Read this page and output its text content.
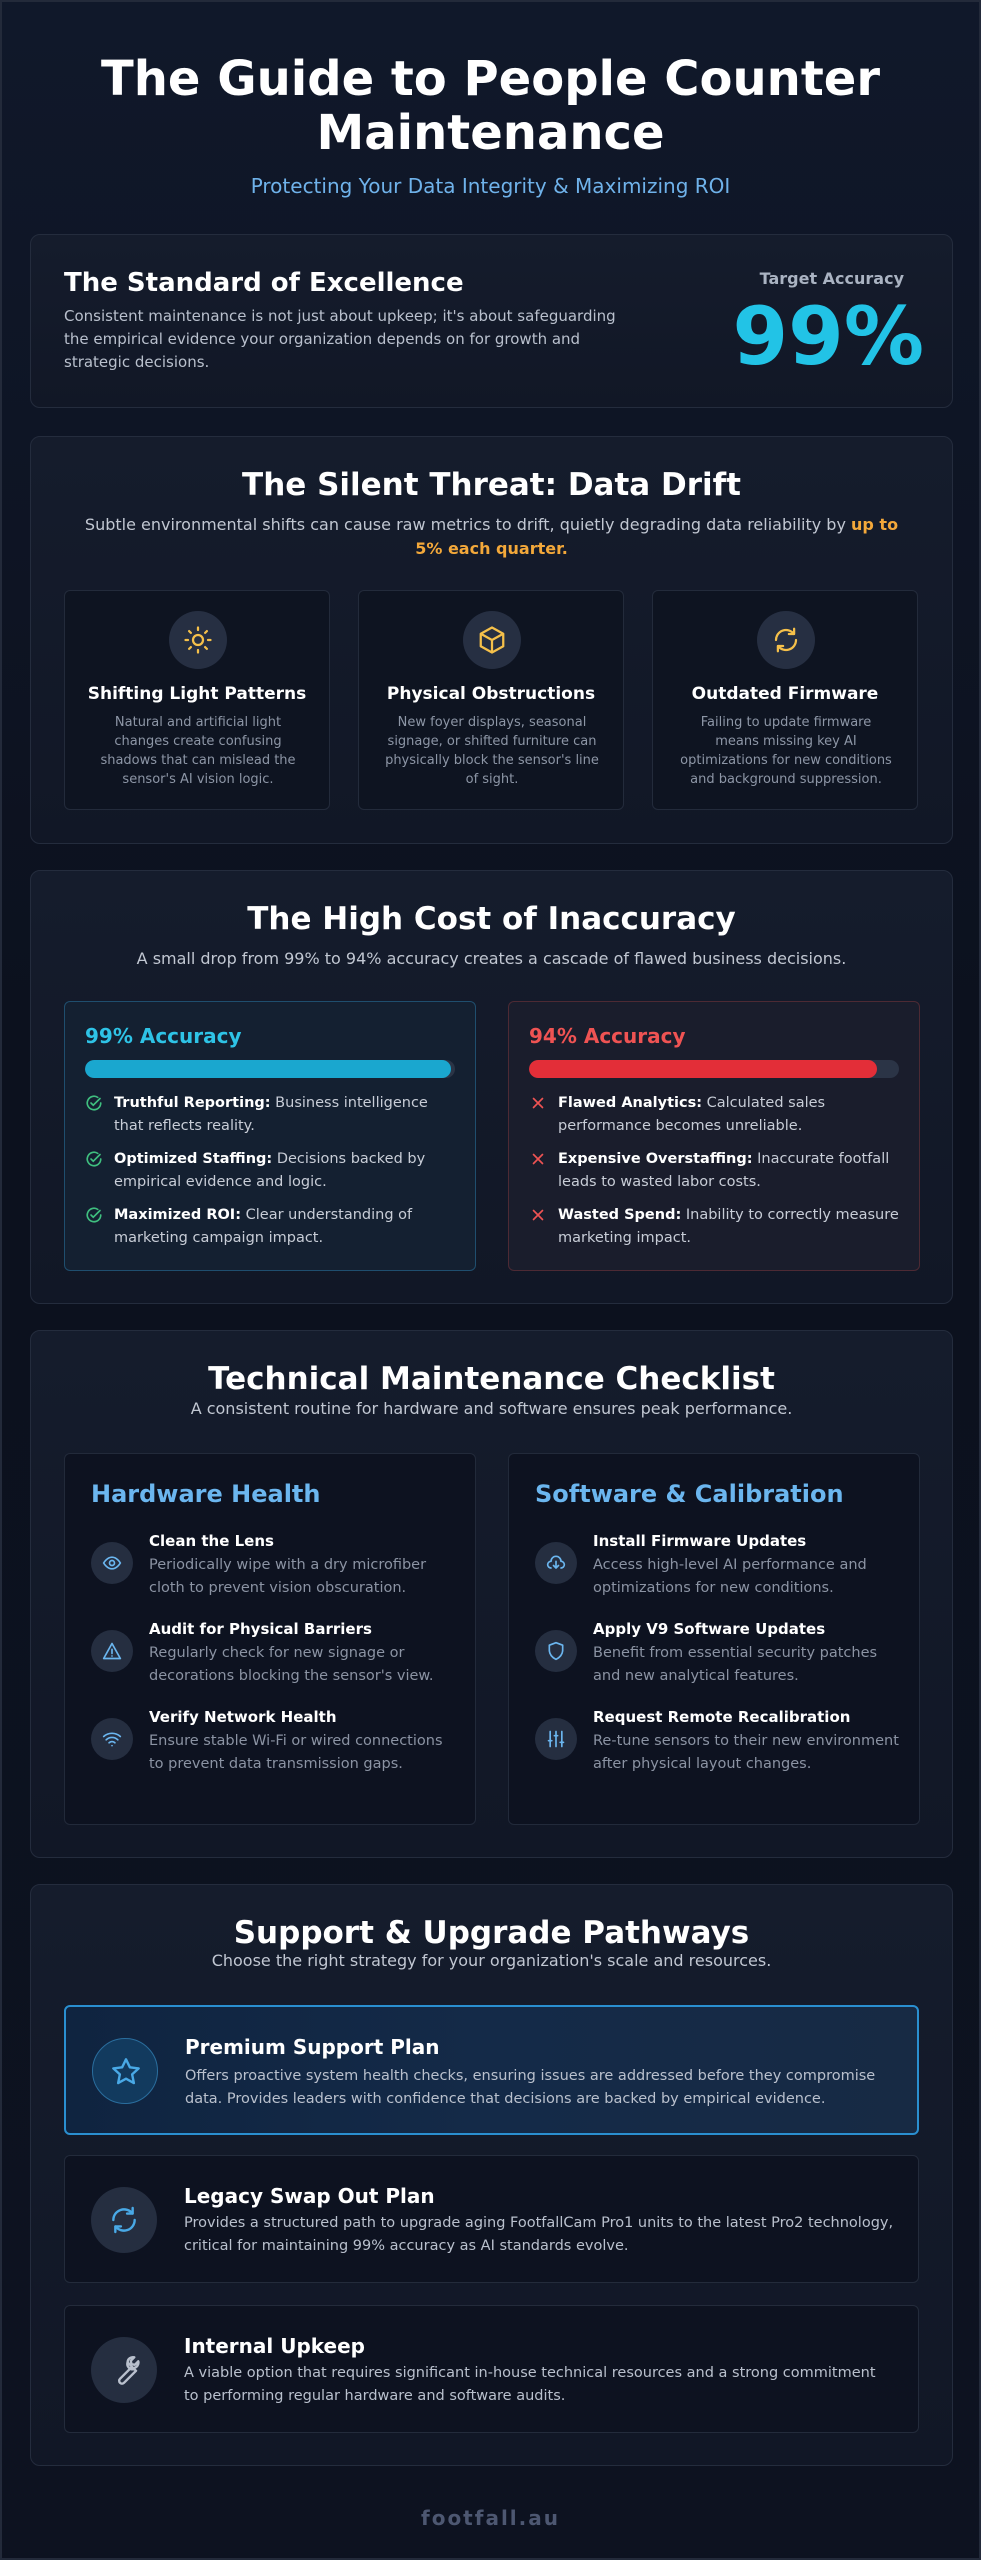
The Guide to People Counter
Maintenance
Protecting Your Data Integrity & Maximizing ROI
The Standard of Excellence
Consistent maintenance is not just about upkeep; it's about safeguarding the empirical evidence your organization depends on for growth and strategic decisions.
Target Accuracy
99%
The Silent Threat: Data Drift
Subtle environmental shifts can cause raw metrics to drift, quietly degrading data reliability by up to 5% each quarter.
Shifting Light Patterns
Natural and artificial light changes create confusing shadows that can mislead the sensor's AI vision logic.
Physical Obstructions
New foyer displays, seasonal signage, or shifted furniture can physically block the sensor's line of sight.
Outdated Firmware
Failing to update firmware means missing key AI optimizations for new conditions and background suppression.
The High Cost of Inaccuracy
A small drop from 99% to 94% accuracy creates a cascade of flawed business decisions.
99% Accuracy
Truthful Reporting: Business intelligence that reflects reality.
Optimized Staffing: Decisions backed by empirical evidence and logic.
Maximized ROI: Clear understanding of marketing campaign impact.
94% Accuracy
Flawed Analytics: Calculated sales performance becomes unreliable.
Expensive Overstaffing: Inaccurate footfall leads to wasted labor costs.
Wasted Spend: Inability to correctly measure marketing impact.
Technical Maintenance Checklist
A consistent routine for hardware and software ensures peak performance.
Hardware Health
Clean the Lens
Periodically wipe with a dry microfiber cloth to prevent vision obscuration.
Audit for Physical Barriers
Regularly check for new signage or decorations blocking the sensor's view.
Verify Network Health
Ensure stable Wi-Fi or wired connections to prevent data transmission gaps.
Software & Calibration
Install Firmware Updates
Access high-level AI performance and optimizations for new conditions.
Apply V9 Software Updates
Benefit from essential security patches and new analytical features.
Request Remote Recalibration
Re-tune sensors to their new environment after physical layout changes.
Support & Upgrade Pathways
Choose the right strategy for your organization's scale and resources.
Premium Support Plan
Offers proactive system health checks, ensuring issues are addressed before they compromise data. Provides leaders with confidence that decisions are backed by empirical evidence.
Legacy Swap Out Plan
Provides a structured path to upgrade aging FootfallCam Pro1 units to the latest Pro2 technology, critical for maintaining 99% accuracy as AI standards evolve.
Internal Upkeep
A viable option that requires significant in-house technical resources and a strong commitment to performing regular hardware and software audits.
footfall.au
